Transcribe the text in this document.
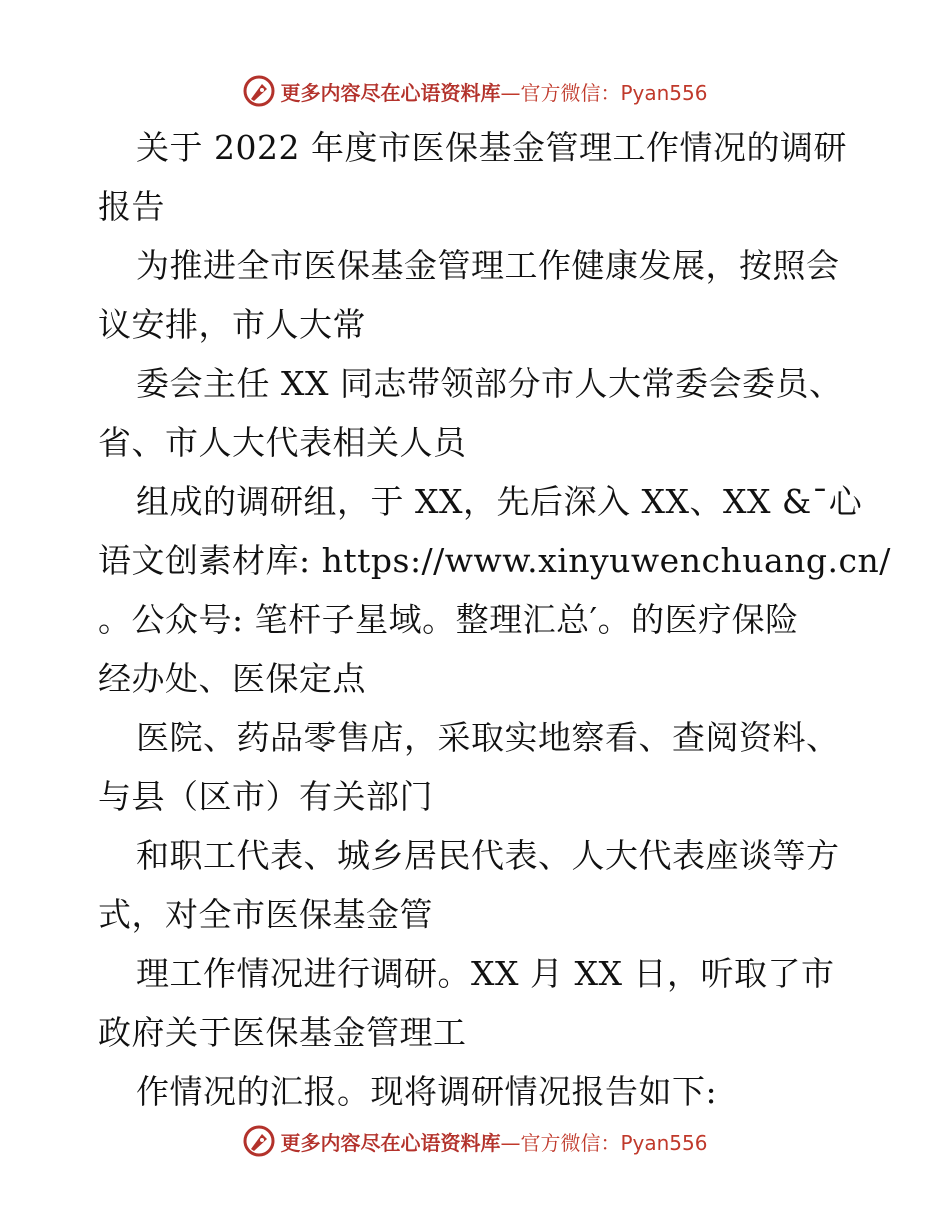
更多内容尽在心语资料库 —官方微信：Pyan556
关于 2022 年度市医保基金管理工作情况的调研
报告
为推进全市医保基金管理工作健康发展，按照会
议安排，市人大常
委会主任 XX 同志带领部分市人大常委会委员、
省、市人大代表相关人员
组成的调研组，于 XX，先后深入 XX、XX &¯心
语文创素材库: https://www.xinyuwenchuang.cn/
。公众号: 笔杆子星域。整理汇总′。的医疗保险
经办处、医保定点
医院、药品零售店，采取实地察看、查阅资料、
与县（区市）有关部门
和职工代表、城乡居民代表、人大代表座谈等方
式，对全市医保基金管
理工作情况进行调研。XX 月 XX 日，听取了市
政府关于医保基金管理工
作情况的汇报。现将调研情况报告如下:
更多内容尽在心语资料库 —官方微信：Pyan556
